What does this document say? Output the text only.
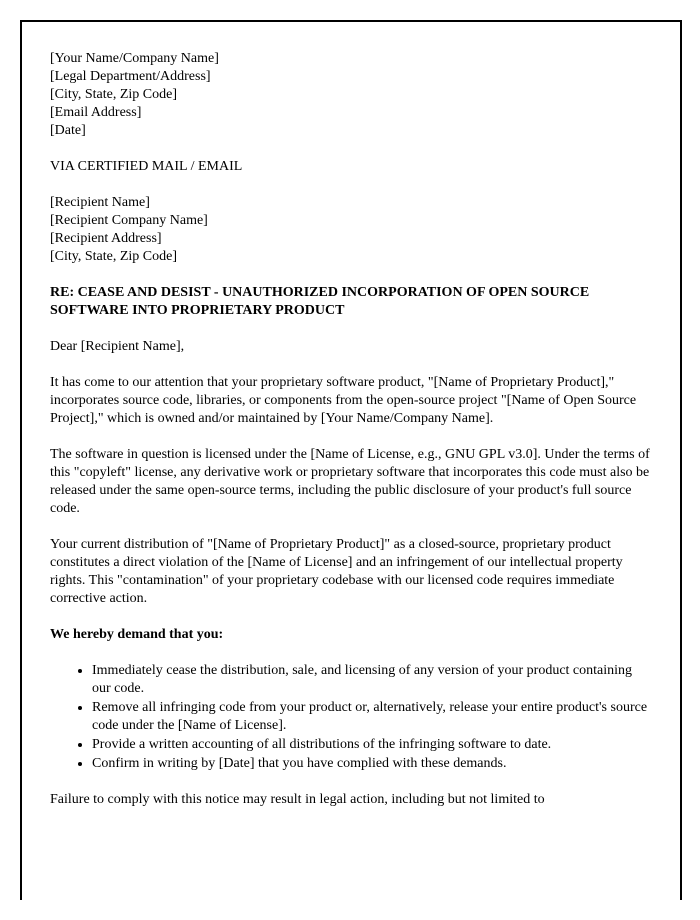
[Your Name/Company Name]
[Legal Department/Address]
[City, State, Zip Code]
[Email Address]
[Date]
VIA CERTIFIED MAIL / EMAIL
[Recipient Name]
[Recipient Company Name]
[Recipient Address]
[City, State, Zip Code]
RE: CEASE AND DESIST - UNAUTHORIZED INCORPORATION OF OPEN SOURCE SOFTWARE INTO PROPRIETARY PRODUCT

Dear [Recipient Name],

It has come to our attention that your proprietary software product, "[Name of Proprietary Product]," incorporates source code, libraries, or components from the open-source project "[Name of Open Source Project]," which is owned and/or maintained by [Your Name/Company Name].

The software in question is licensed under the [Name of License, e.g., GNU GPL v3.0]. Under the terms of this "copyleft" license, any derivative work or proprietary software that incorporates this code must also be released under the same open-source terms, including the public disclosure of your product's full source code.

Your current distribution of "[Name of Proprietary Product]" as a closed-source, proprietary product constitutes a direct violation of the [Name of License] and an infringement of our intellectual property rights. This "contamination" of your proprietary codebase with our licensed code requires immediate corrective action.

We hereby demand that you:
• Immediately cease the distribution, sale, and licensing of any version of your product containing our code.
• Remove all infringing code from your product or, alternatively, release your entire product's source code under the [Name of License].
• Provide a written accounting of all distributions of the infringing software to date.
• Confirm in writing by [Date] that you have complied with these demands.

Failure to comply with this notice may result in legal action, including but not limited to
